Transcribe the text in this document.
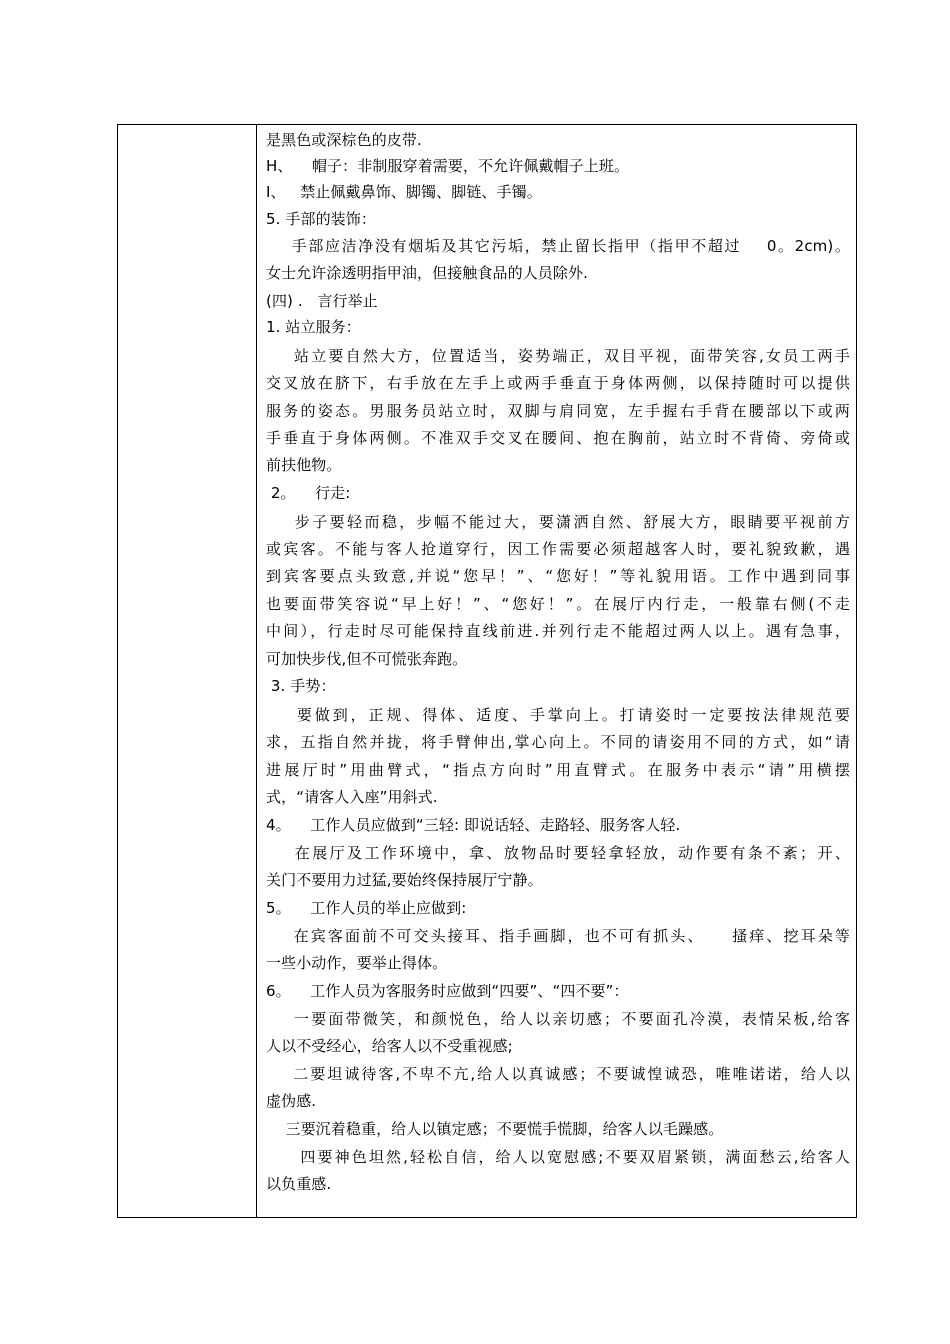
是黑色或深棕色的皮带.
H、    帽子：非制服穿着需要，不允许佩戴帽子上班。
I、   禁止佩戴鼻饰、脚镯、脚链、手镯。
5. 手部的装饰：
手部应洁净没有烟垢及其它污垢，禁止留长指甲（指甲不超过    0。2cm)。
女士允许涂透明指甲油，但接触食品的人员除外.
(四) .   言行举止
1. 站立服务：
站立要自然大方，位置适当，姿势端正，双目平视，面带笑容,女员工两手
交叉放在脐下，右手放在左手上或两手垂直于身体两侧，以保持随时可以提供
服务的姿态。男服务员站立时，双脚与肩同宽，左手握右手背在腰部以下或两
手垂直于身体两侧。不准双手交叉在腰间、抱在胸前，站立时不背倚、旁倚或
前扶他物。
2。    行走:
步子要轻而稳，步幅不能过大，要潇洒自然、舒展大方，眼睛要平视前方
或宾客。不能与客人抢道穿行，因工作需要必须超越客人时，要礼貌致歉，遇
到宾客要点头致意,并说“您早！”、“您好！”等礼貌用语。工作中遇到同事
也要面带笑容说“早上好！”、“您好！”。在展厅内行走，一般靠右侧(不走
中间），行走时尽可能保持直线前进.并列行走不能超过两人以上。遇有急事，
可加快步伐,但不可慌张奔跑。
3. 手势：
要做到，正规、得体、适度、手掌向上。打请姿时一定要按法律规范要
求，五指自然并拢，将手臂伸出,掌心向上。不同的请姿用不同的方式，如“请
进展厅时”用曲臂式，“指点方向时”用直臂式。在服务中表示“请”用横摆
式，“请客人入座”用斜式.
4。    工作人员应做到“三轻: 即说话轻、走路轻、服务客人轻.
在展厅及工作环境中，拿、放物品时要轻拿轻放，动作要有条不紊；开、
关门不要用力过猛,要始终保持展厅宁静。
5。    工作人员的举止应做到:
在宾客面前不可交头接耳、指手画脚，也不可有抓头、    搔痒、挖耳朵等
一些小动作，要举止得体。
6。    工作人员为客服务时应做到“四要”、“四不要”：
一要面带微笑，和颜悦色，给人以亲切感；不要面孔冷漠，表情呆板,给客
人以不受经心，给客人以不受重视感;
二要坦诚待客,不卑不亢,给人以真诚感；不要诚惶诚恐，唯唯诺诺，给人以
虚伪感.
三要沉着稳重，给人以镇定感；不要慌手慌脚，给客人以毛躁感。
四要神色坦然,轻松自信，给人以宽慰感;不要双眉紧锁，满面愁云,给客人
以负重感.
